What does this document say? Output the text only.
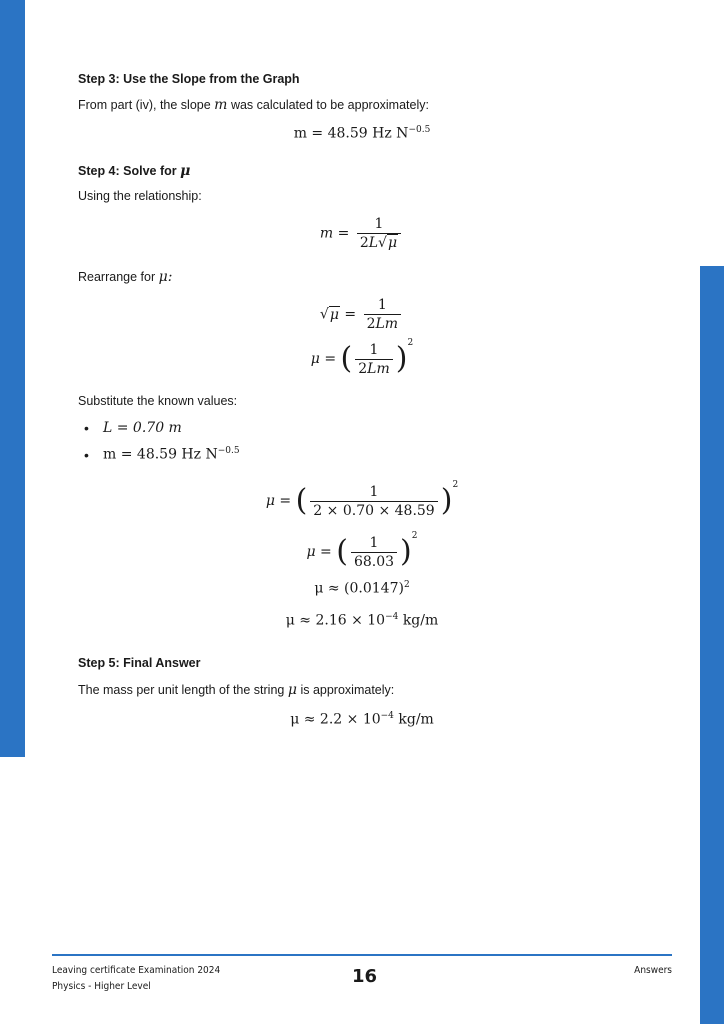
Step 3: Use the Slope from the Graph
From part (iv), the slope m was calculated to be approximately:
m = 48.59 Hz $N^{-0.5}$
Step 4: Solve for μ
Using the relationship:
$m = \frac{1}{2L√\mu}$
Rearrange for μ:
$√\mu = \frac{1}{2Lm}$
μ = ( $\frac{1}{2Lm} )^2$
Substitute the known values:
• L = 0.70 m
• m = 48.59 Hz $N^{-0.5}$
μ = ( $\frac{1}{2 \times 0.70 \times 48.59} )^2$
μ = ( $\frac{1}{68.03} )^2$
$\mu \approx (0.0147)^2$
$\mu \approx 2.16 \times 10^{-4}$ kg/m
Step 5: Final Answer
The mass per unit length of the string μ is approximately:
$\mu \approx 2.2 \times 10^{-4}$ kg/m
Leaving certificate Examination 2024
Physics - Higher Level	16	Answers
